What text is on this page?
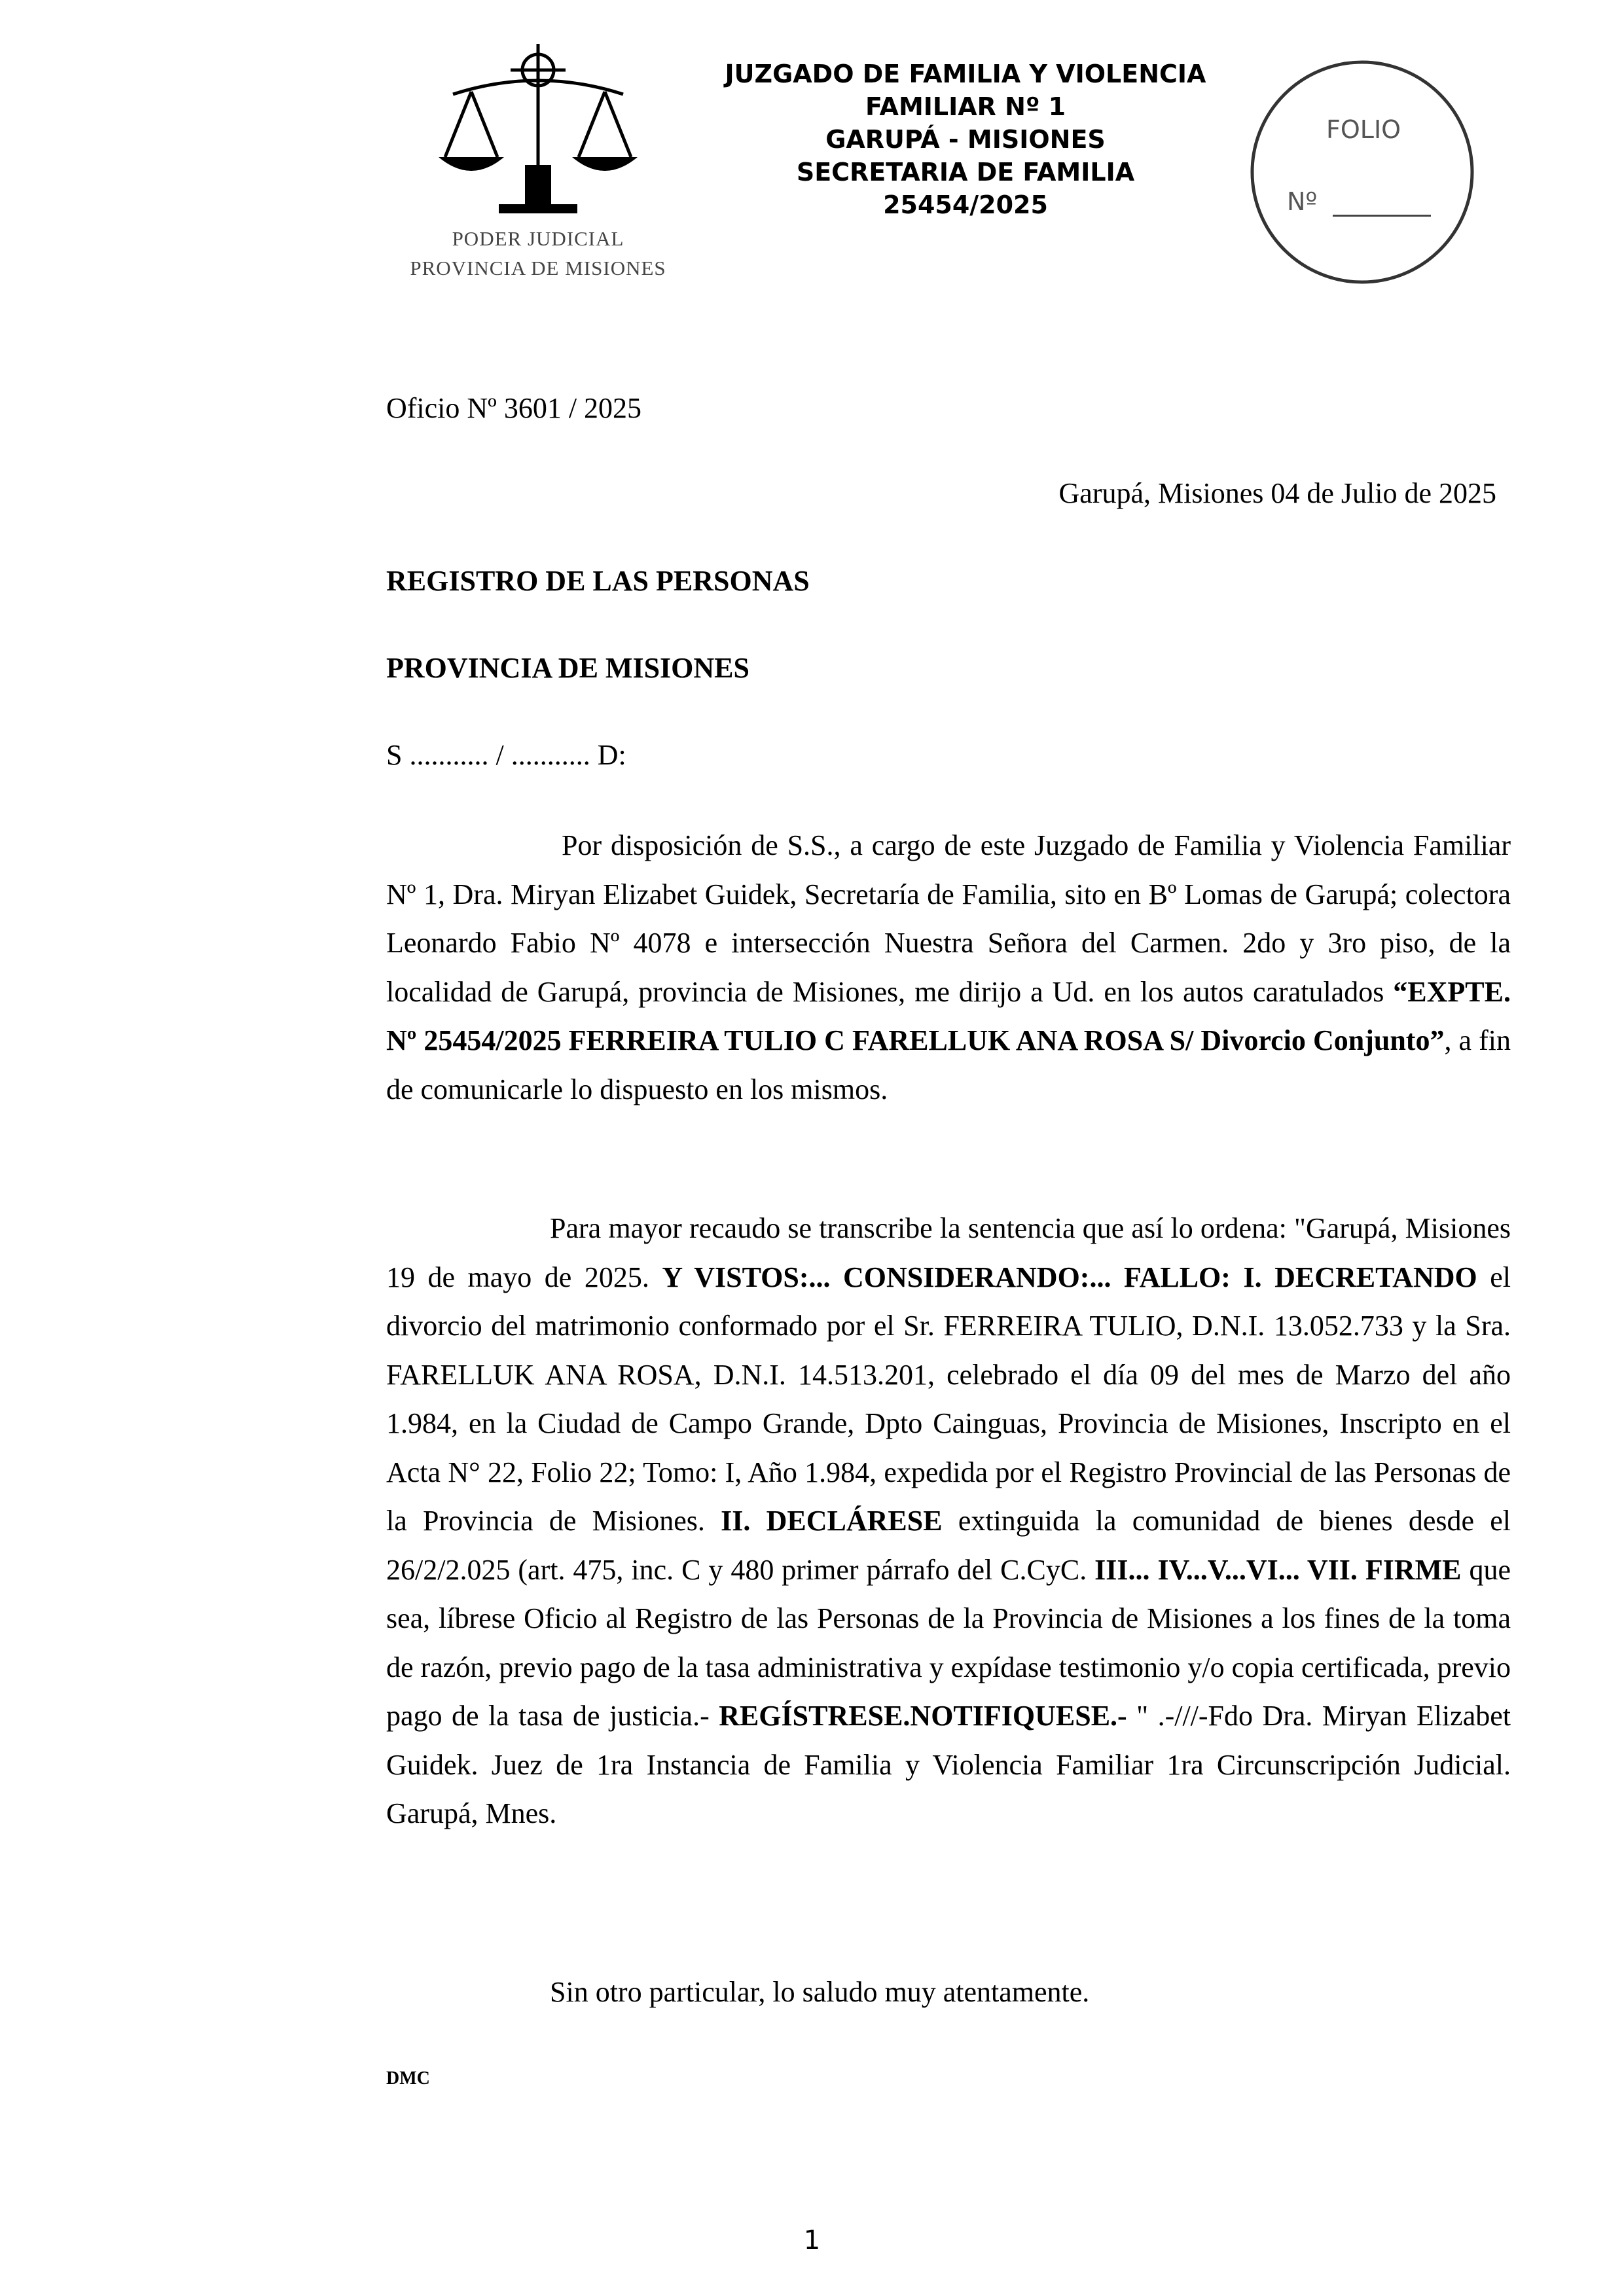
PODER JUDICIAL
PROVINCIA DE MISIONES
JUZGADO DE FAMILIA Y VIOLENCIA
FAMILIAR Nº 1
GARUPÁ - MISIONES
SECRETARIA DE FAMILIA
25454/2025
FOLIO
Nº
Oficio Nº 3601 / 2025
Garupá, Misiones 04 de Julio de 2025
REGISTRO DE LAS PERSONAS
PROVINCIA DE MISIONES
S ........... / ........... D:
Por disposición de S.S., a cargo de este Juzgado de Familia y Violencia Familiar Nº 1, Dra. Miryan Elizabet Guidek, Secretaría de Familia, sito en Bº Lomas de Garupá; colectora Leonardo Fabio Nº 4078 e intersección Nuestra Señora del Carmen. 2do y 3ro piso, de la localidad de Garupá, provincia de Misiones, me dirijo a Ud. en los autos caratulados “EXPTE. Nº 25454/2025 FERREIRA TULIO C FARELLUK ANA ROSA S/ Divorcio Conjunto”, a fin de comunicarle lo dispuesto en los mismos.
Para mayor recaudo se transcribe la sentencia que así lo ordena: "Garupá, Misiones 19 de mayo de 2025. Y VISTOS:... CONSIDERANDO:... FALLO: I. DECRETANDO el divorcio del matrimonio conformado por el Sr. FERREIRA TULIO, D.N.I. 13.052.733 y la Sra. FARELLUK ANA ROSA, D.N.I. 14.513.201, celebrado el día 09 del mes de Marzo del año 1.984, en la Ciudad de Campo Grande, Dpto Cainguas, Provincia de Misiones, Inscripto en el Acta N° 22, Folio 22; Tomo: I, Año 1.984, expedida por el Registro Provincial de las Personas de la Provincia de Misiones. II. DECLÁRESE extinguida la comunidad de bienes desde el 26/2/2.025 (art. 475, inc. C y 480 primer párrafo del C.CyC. III... IV...V...VI... VII. FIRME que sea, líbrese Oficio al Registro de las Personas de la Provincia de Misiones a los fines de la toma de razón, previo pago de la tasa administrativa y expídase testimonio y/o copia certificada, previo pago de la tasa de justicia.- REGÍSTRESE.NOTIFIQUESE.- " .-///-Fdo Dra. Miryan Elizabet Guidek. Juez de 1ra Instancia de Familia y Violencia Familiar 1ra Circunscripción Judicial. Garupá, Mnes.
Sin otro particular, lo saludo muy atentamente.
DMC
1
